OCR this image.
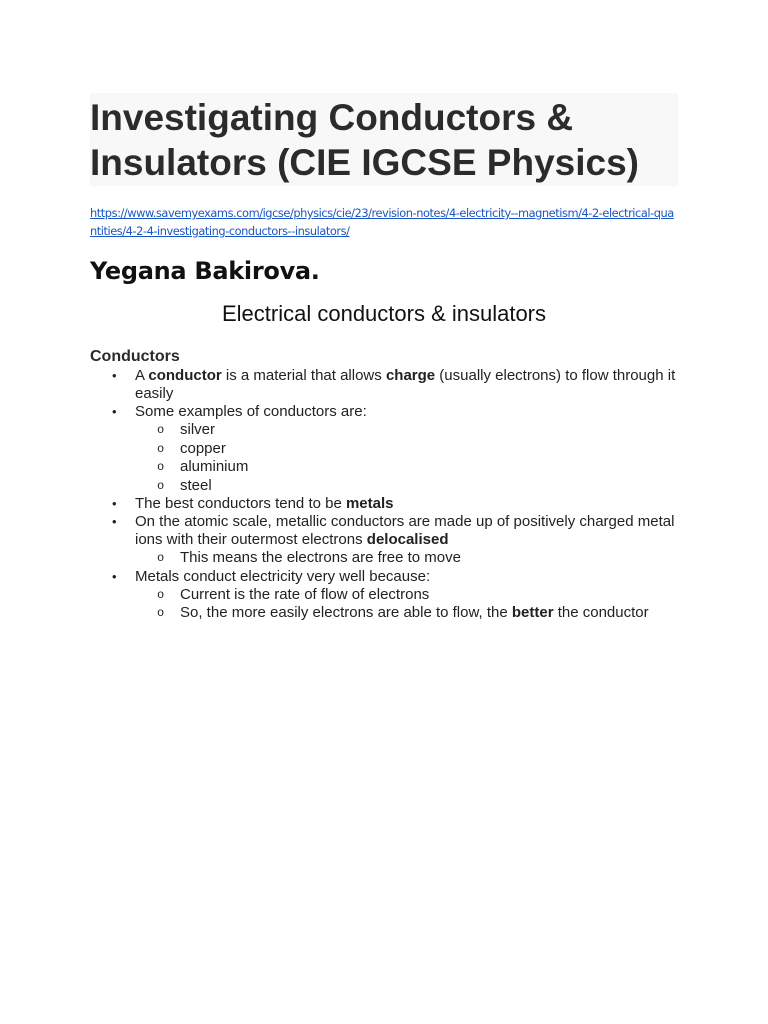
Investigating Conductors & Insulators (CIE IGCSE Physics)
https://www.savemyexams.com/igcse/physics/cie/23/revision-notes/4-electricity--magnetism/4-2-electrical-quantities/4-2-4-investigating-conductors--insulators/

Yegana Bakirova.

Electrical conductors & insulators

Conductors

• A conductor is a material that allows charge (usually electrons) to flow through it easily
• Some examples of conductors are:
o silver
o copper
o aluminium
o steel
• The best conductors tend to be metals
• On the atomic scale, metallic conductors are made up of positively charged metal ions with their outermost electrons delocalised
o This means the electrons are free to move
• Metals conduct electricity very well because:
o Current is the rate of flow of electrons
o So, the more easily electrons are able to flow, the better the conductor
